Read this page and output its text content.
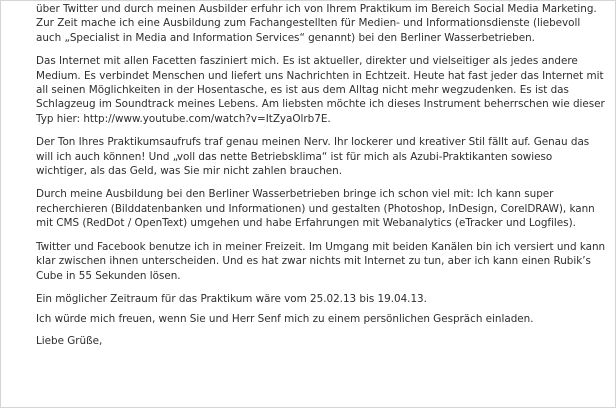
über Twitter und durch meinen Ausbilder erfuhr ich von Ihrem Praktikum im Bereich Social Media Marketing.
Zur Zeit mache ich eine Ausbildung zum Fachangestellten für Medien- und Informationsdienste (liebevoll
auch „Specialist in Media and Information Services“ genannt) bei den Berliner Wasserbetrieben.

Das Internet mit allen Facetten fasziniert mich. Es ist aktueller, direkter und vielseitiger als jedes andere
Medium. Es verbindet Menschen und liefert uns Nachrichten in Echtzeit. Heute hat fast jeder das Internet mit
all seinen Möglichkeiten in der Hosentasche, es ist aus dem Alltag nicht mehr wegzudenken. Es ist das
Schlagzeug im Soundtrack meines Lebens. Am liebsten möchte ich dieses Instrument beherrschen wie dieser
Typ hier: http://www.youtube.com/watch?v=ItZyaOlrb7E.

Der Ton Ihres Praktikumsaufrufs traf genau meinen Nerv. Ihr lockerer und kreativer Stil fällt auf. Genau das
will ich auch können! Und „voll das nette Betriebsklima“ ist für mich als Azubi-Praktikanten sowieso
wichtiger, als das Geld, was Sie mir nicht zahlen brauchen.

Durch meine Ausbildung bei den Berliner Wasserbetrieben bringe ich schon viel mit: Ich kann super
recherchieren (Bilddatenbanken und Informationen) und gestalten (Photoshop, InDesign, CorelDRAW), kann
mit CMS (RedDot / OpenText) umgehen und habe Erfahrungen mit Webanalytics (eTracker und Logfiles).

Twitter und Facebook benutze ich in meiner Freizeit. Im Umgang mit beiden Kanälen bin ich versiert und kann
klar zwischen ihnen unterscheiden. Und es hat zwar nichts mit Internet zu tun, aber ich kann einen Rubik’s
Cube in 55 Sekunden lösen.

Ein möglicher Zeitraum für das Praktikum wäre vom 25.02.13 bis 19.04.13.

Ich würde mich freuen, wenn Sie und Herr Senf mich zu einem persönlichen Gespräch einladen.

Liebe Grüße,
